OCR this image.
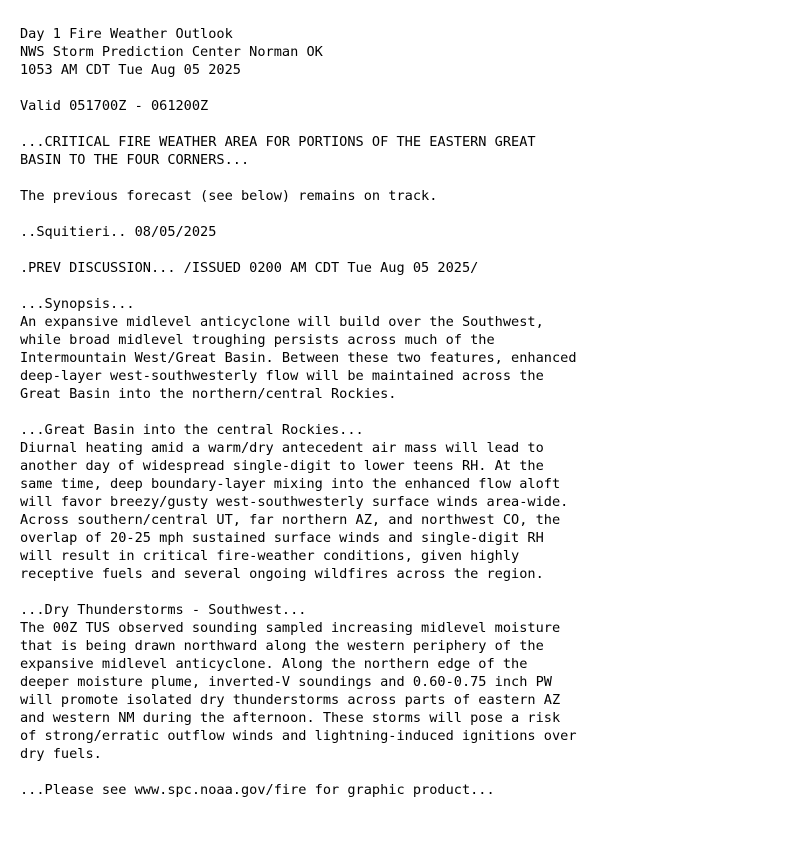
Day 1 Fire Weather Outlook
NWS Storm Prediction Center Norman OK
1053 AM CDT Tue Aug 05 2025
Valid 051700Z - 061200Z
...CRITICAL FIRE WEATHER AREA FOR PORTIONS OF THE EASTERN GREAT
BASIN TO THE FOUR CORNERS...
The previous forecast (see below) remains on track.
..Squitieri.. 08/05/2025
.PREV DISCUSSION... /ISSUED 0200 AM CDT Tue Aug 05 2025/
...Synopsis...
An expansive midlevel anticyclone will build over the Southwest,
while broad midlevel troughing persists across much of the
Intermountain West/Great Basin. Between these two features, enhanced
deep-layer west-southwesterly flow will be maintained across the
Great Basin into the northern/central Rockies.
...Great Basin into the central Rockies...
Diurnal heating amid a warm/dry antecedent air mass will lead to
another day of widespread single-digit to lower teens RH. At the
same time, deep boundary-layer mixing into the enhanced flow aloft
will favor breezy/gusty west-southwesterly surface winds area-wide.
Across southern/central UT, far northern AZ, and northwest CO, the
overlap of 20-25 mph sustained surface winds and single-digit RH
will result in critical fire-weather conditions, given highly
receptive fuels and several ongoing wildfires across the region.
...Dry Thunderstorms - Southwest...
The 00Z TUS observed sounding sampled increasing midlevel moisture
that is being drawn northward along the western periphery of the
expansive midlevel anticyclone. Along the northern edge of the
deeper moisture plume, inverted-V soundings and 0.60-0.75 inch PW
will promote isolated dry thunderstorms across parts of eastern AZ
and western NM during the afternoon. These storms will pose a risk
of strong/erratic outflow winds and lightning-induced ignitions over
dry fuels.
...Please see www.spc.noaa.gov/fire for graphic product...
